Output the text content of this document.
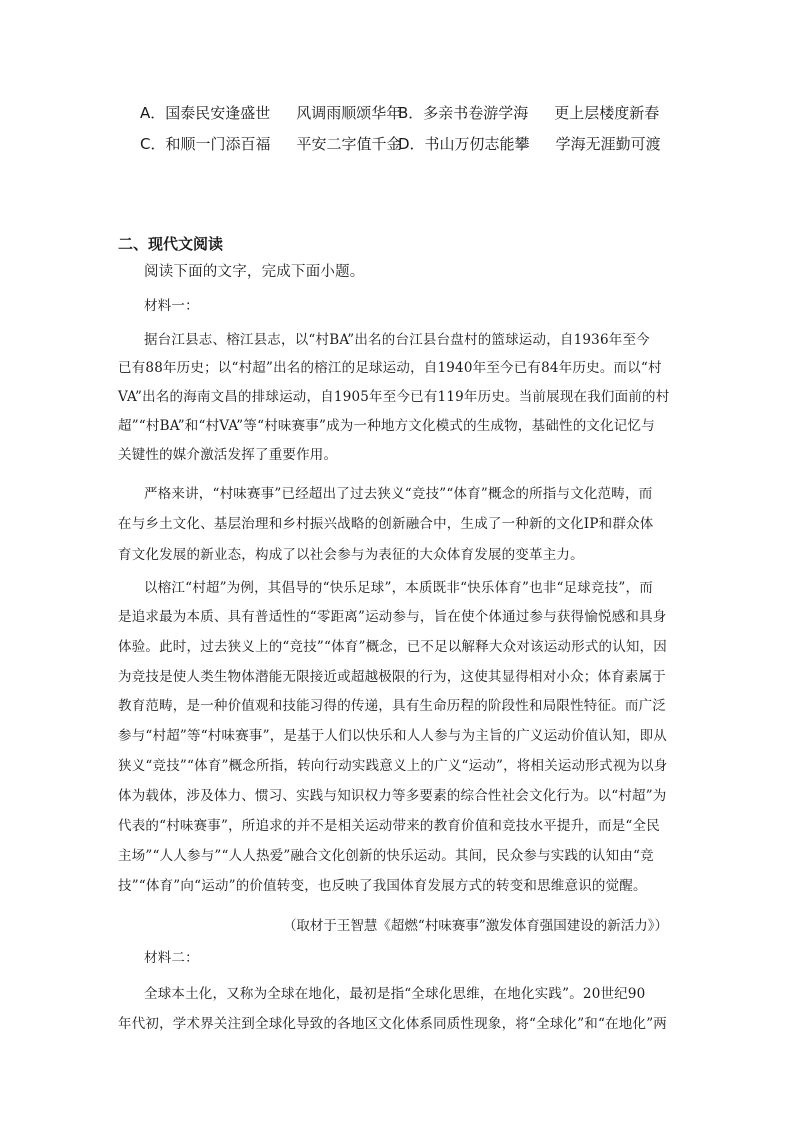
A．国泰民安逢盛世 风调雨顺颂华年
B．多亲书卷游学海 更上层楼度新春
C．和顺一门添百福 平安二字值千金
D．书山万仞志能攀 学海无涯勤可渡
二、现代文阅读
阅读下面的文字，完成下面小题。
材料一：
据台江县志、榕江县志，以“村BA”出名的台江县台盘村的篮球运动，自1936年至今
已有88年历史；以“村超”出名的榕江的足球运动，自1940年至今已有84年历史。而以“村
VA”出名的海南文昌的排球运动，自1905年至今已有119年历史。当前展现在我们面前的村
超”“村BA”和“村VA”等“村味赛事”成为一种地方文化模式的生成物，基础性的文化记忆与
关键性的媒介激活发挥了重要作用。
严格来讲，“村味赛事”已经超出了过去狭义“竞技”“体育”概念的所指与文化范畴，而
在与乡土文化、基层治理和乡村振兴战略的创新融合中，生成了一种新的文化IP和群众体
育文化发展的新业态，构成了以社会参与为表征的大众体育发展的变革主力。
以榕江“村超”为例，其倡导的“快乐足球”，本质既非“快乐体育”也非“足球竞技”，而
是追求最为本质、具有普适性的“零距离”运动参与，旨在使个体通过参与获得愉悦感和具身
体验。此时，过去狭义上的“竞技”“体育”概念，已不足以解释大众对该运动形式的认知，因
为竞技是使人类生物体潜能无限接近或超越极限的行为，这使其显得相对小众；体育素属于
教育范畴，是一种价值观和技能习得的传递，具有生命历程的阶段性和局限性特征。而广泛
参与“村超”等“村味赛事”，是基于人们以快乐和人人参与为主旨的广义运动价值认知，即从
狭义“竞技”“体育”概念所指，转向行动实践意义上的广义“运动”，将相关运动形式视为以身
体为载体，涉及体力、惯习、实践与知识权力等多要素的综合性社会文化行为。以“村超”为
代表的“村味赛事”，所追求的并不是相关运动带来的教育价值和竞技水平提升，而是“全民
主场”“人人参与”“人人热爱”融合文化创新的快乐运动。其间，民众参与实践的认知由“竞
技”“体育”向“运动”的价值转变，也反映了我国体育发展方式的转变和思维意识的觉醒。
（取材于王智慧《超燃“村味赛事”激发体育强国建设的新活力》）
材料二：
全球本土化，又称为全球在地化，最初是指“全球化思维，在地化实践”。20世纪90
年代初，学术界关注到全球化导致的各地区文化体系同质性现象，将“全球化”和“在地化”两
